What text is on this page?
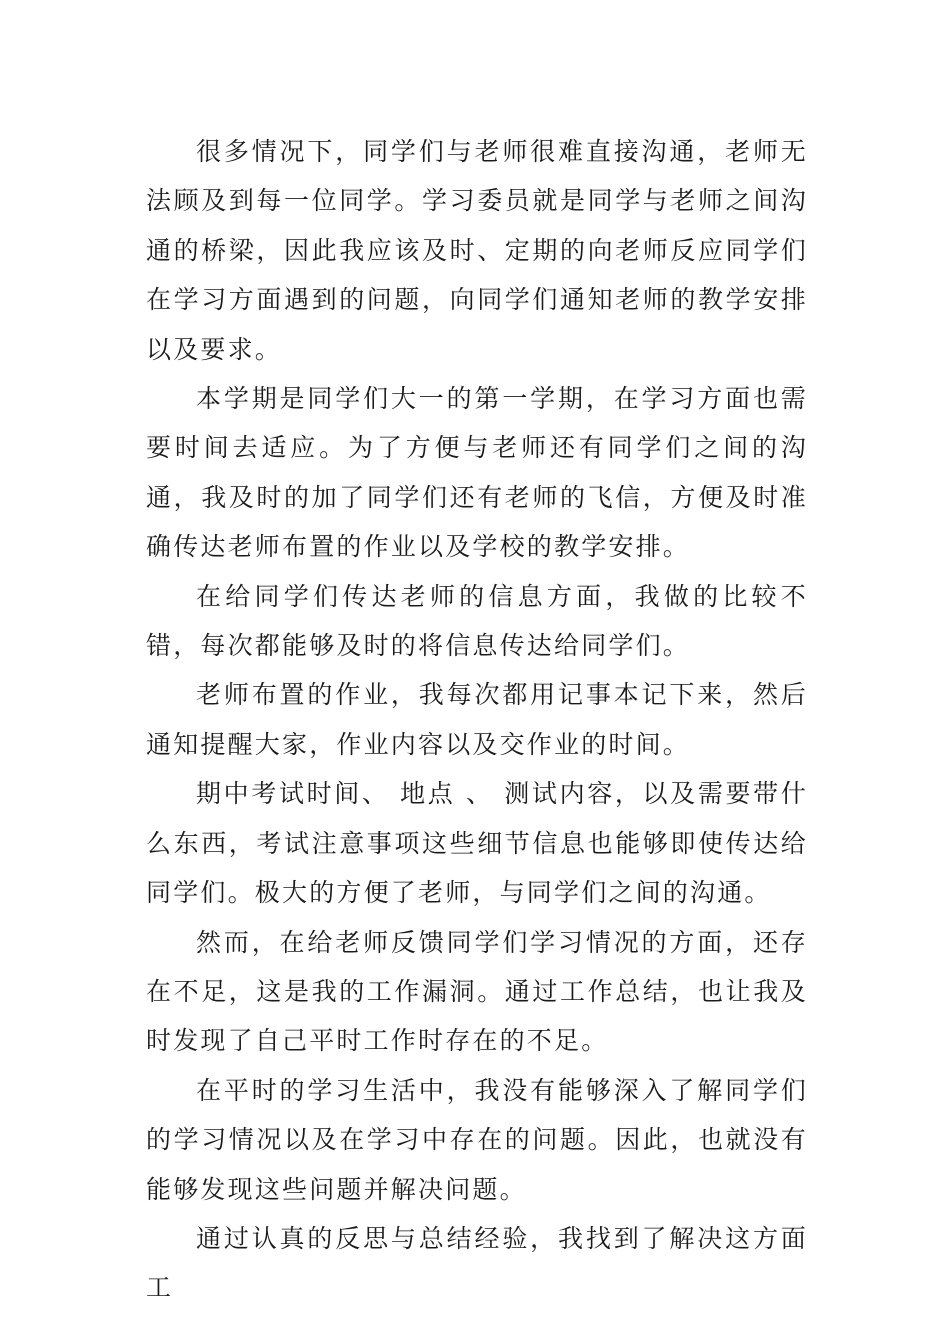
很多情况下，同学们与老师很难直接沟通，老师无法顾及到每一位同学。学习委员就是同学与老师之间沟通的桥梁，因此我应该及时、定期的向老师反应同学们在学习方面遇到的问题，向同学们通知老师的教学安排以及要求。

本学期是同学们大一的第一学期，在学习方面也需要时间去适应。为了方便与老师还有同学们之间的沟通，我及时的加了同学们还有老师的飞信，方便及时准确传达老师布置的作业以及学校的教学安排。

在给同学们传达老师的信息方面，我做的比较不错，每次都能够及时的将信息传达给同学们。

老师布置的作业，我每次都用记事本记下来，然后通知提醒大家，作业内容以及交作业的时间。

期中考试时间、 地点 、 测试内容，以及需要带什么东西，考试注意事项这些细节信息也能够即使传达给同学们。极大的方便了老师，与同学们之间的沟通。

然而，在给老师反馈同学们学习情况的方面，还存在不足，这是我的工作漏洞。通过工作总结，也让我及时发现了自己平时工作时存在的不足。

在平时的学习生活中，我没有能够深入了解同学们的学习情况以及在学习中存在的问题。因此，也就没有能够发现这些问题并解决问题。

通过认真的反思与总结经验，我找到了解决这方面工
